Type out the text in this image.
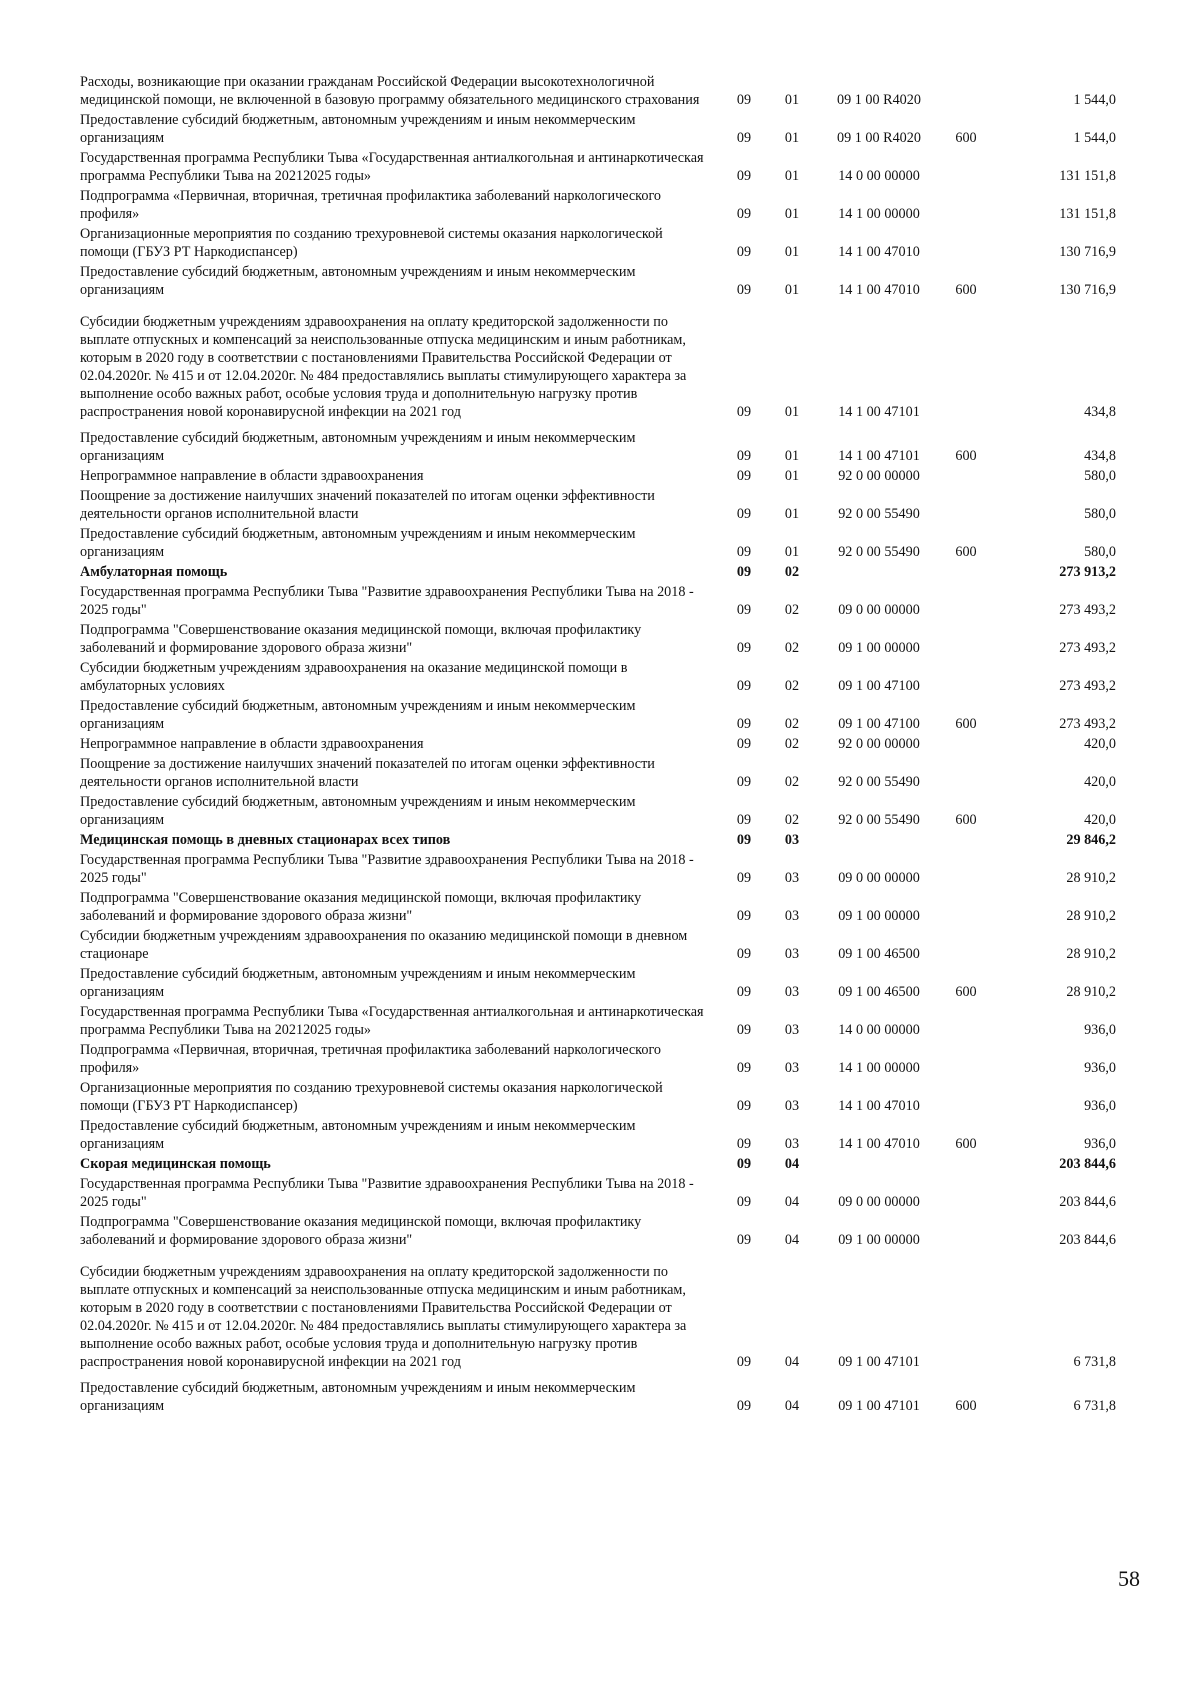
Расходы, возникающие при оказании гражданам Российской Федерации высокотехнологичной медицинской помощи, не включенной в базовую программу обязательного медицинского страхования	09	01	09 1 00 R4020	1 544,0
Предоставление субсидий бюджетным, автономным учреждениям и иным некоммерческим организациям	09	01	09 1 00 R4020	600	1 544,0
Государственная программа Республики Тыва «Государственная антиалкогольная и антинаркотическая программа Республики Тыва на 20212025 годы»	09	01	14 0 00 00000	131 151,8
Подпрограмма «Первичная, вторичная, третичная профилактика заболеваний наркологического профиля»	09	01	14 1 00 00000	131 151,8
Организационные мероприятия по созданию трехуровневой системы оказания наркологической помощи (ГБУЗ РТ Наркодиспансер)	09	01	14 1 00 47010	130 716,9
Предоставление субсидий бюджетным, автономным учреждениям и иным некоммерческим организациям	09	01	14 1 00 47010	600	130 716,9
Субсидии бюджетным учреждениям здравоохранения на оплату кредиторской задолженности по выплате отпускных и компенсаций за неиспользованные отпуска медицинским и иным работникам, которым в 2020 году в соответствии с постановлениями Правительства Российской Федерации от 02.04.2020г. № 415 и от 12.04.2020г. № 484 предоставлялись выплаты стимулирующего характера за выполнение особо важных работ, особые условия труда и дополнительную нагрузку против распространения новой коронавирусной инфекции на 2021 год	09	01	14 1 00 47101	434,8
Предоставление субсидий бюджетным, автономным учреждениям и иным некоммерческим организациям	09	01	14 1 00 47101	600	434,8
Непрограммное направление в области здравоохранения	09	01	92 0 00 00000	580,0
Поощрение за достижение наилучших значений показателей по итогам оценки эффективности деятельности органов исполнительной власти	09	01	92 0 00 55490	580,0
Предоставление субсидий бюджетным, автономным учреждениям и иным некоммерческим организациям	09	01	92 0 00 55490	600	580,0
Амбулаторная помощь	09	02	273 913,2
Государственная программа Республики Тыва "Развитие здравоохранения Республики Тыва на 2018 - 2025 годы"	09	02	09 0 00 00000	273 493,2
Подпрограмма "Совершенствование оказания медицинской помощи, включая профилактику заболеваний и формирование здорового образа жизни"	09	02	09 1 00 00000	273 493,2
Субсидии бюджетным учреждениям здравоохранения на оказание медицинской помощи в амбулаторных условиях	09	02	09 1 00 47100	273 493,2
Предоставление субсидий бюджетным, автономным учреждениям и иным некоммерческим организациям	09	02	09 1 00 47100	600	273 493,2
Непрограммное направление в области здравоохранения	09	02	92 0 00 00000	420,0
Поощрение за достижение наилучших значений показателей по итогам оценки эффективности деятельности органов исполнительной власти	09	02	92 0 00 55490	420,0
Предоставление субсидий бюджетным, автономным учреждениям и иным некоммерческим организациям	09	02	92 0 00 55490	600	420,0
Медицинская помощь в дневных стационарах всех типов	09	03	29 846,2
Государственная программа Республики Тыва "Развитие здравоохранения Республики Тыва на 2018 - 2025 годы"	09	03	09 0 00 00000	28 910,2
Подпрограмма "Совершенствование оказания медицинской помощи, включая профилактику заболеваний и формирование здорового образа жизни"	09	03	09 1 00 00000	28 910,2
Субсидии бюджетным учреждениям здравоохранения по оказанию медицинской помощи в дневном стационаре	09	03	09 1 00 46500	28 910,2
Предоставление субсидий бюджетным, автономным учреждениям и иным некоммерческим организациям	09	03	09 1 00 46500	600	28 910,2
Государственная программа Республики Тыва «Государственная антиалкогольная и антинаркотическая программа Республики Тыва на 20212025 годы»	09	03	14 0 00 00000	936,0
Подпрограмма «Первичная, вторичная, третичная профилактика заболеваний наркологического профиля»	09	03	14 1 00 00000	936,0
Организационные мероприятия по созданию трехуровневой системы оказания наркологической помощи (ГБУЗ РТ Наркодиспансер)	09	03	14 1 00 47010	936,0
Предоставление субсидий бюджетным, автономным учреждениям и иным некоммерческим организациям	09	03	14 1 00 47010	600	936,0
Скорая медицинская помощь	09	04	203 844,6
Государственная программа Республики Тыва "Развитие здравоохранения Республики Тыва на 2018 - 2025 годы"	09	04	09 0 00 00000	203 844,6
Подпрограмма "Совершенствование оказания медицинской помощи, включая профилактику заболеваний и формирование здорового образа жизни"	09	04	09 1 00 00000	203 844,6
Субсидии бюджетным учреждениям здравоохранения на оплату кредиторской задолженности по выплате отпускных и компенсаций за неиспользованные отпуска медицинским и иным работникам, которым в 2020 году в соответствии с постановлениями Правительства Российской Федерации от 02.04.2020г. № 415 и от 12.04.2020г. № 484 предоставлялись выплаты стимулирующего характера за выполнение особо важных работ, особые условия труда и дополнительную нагрузку против распространения новой коронавирусной инфекции на 2021 год	09	04	09 1 00 47101	6 731,8
Предоставление субсидий бюджетным, автономным учреждениям и иным некоммерческим организациям	09	04	09 1 00 47101	600	6 731,8
58
